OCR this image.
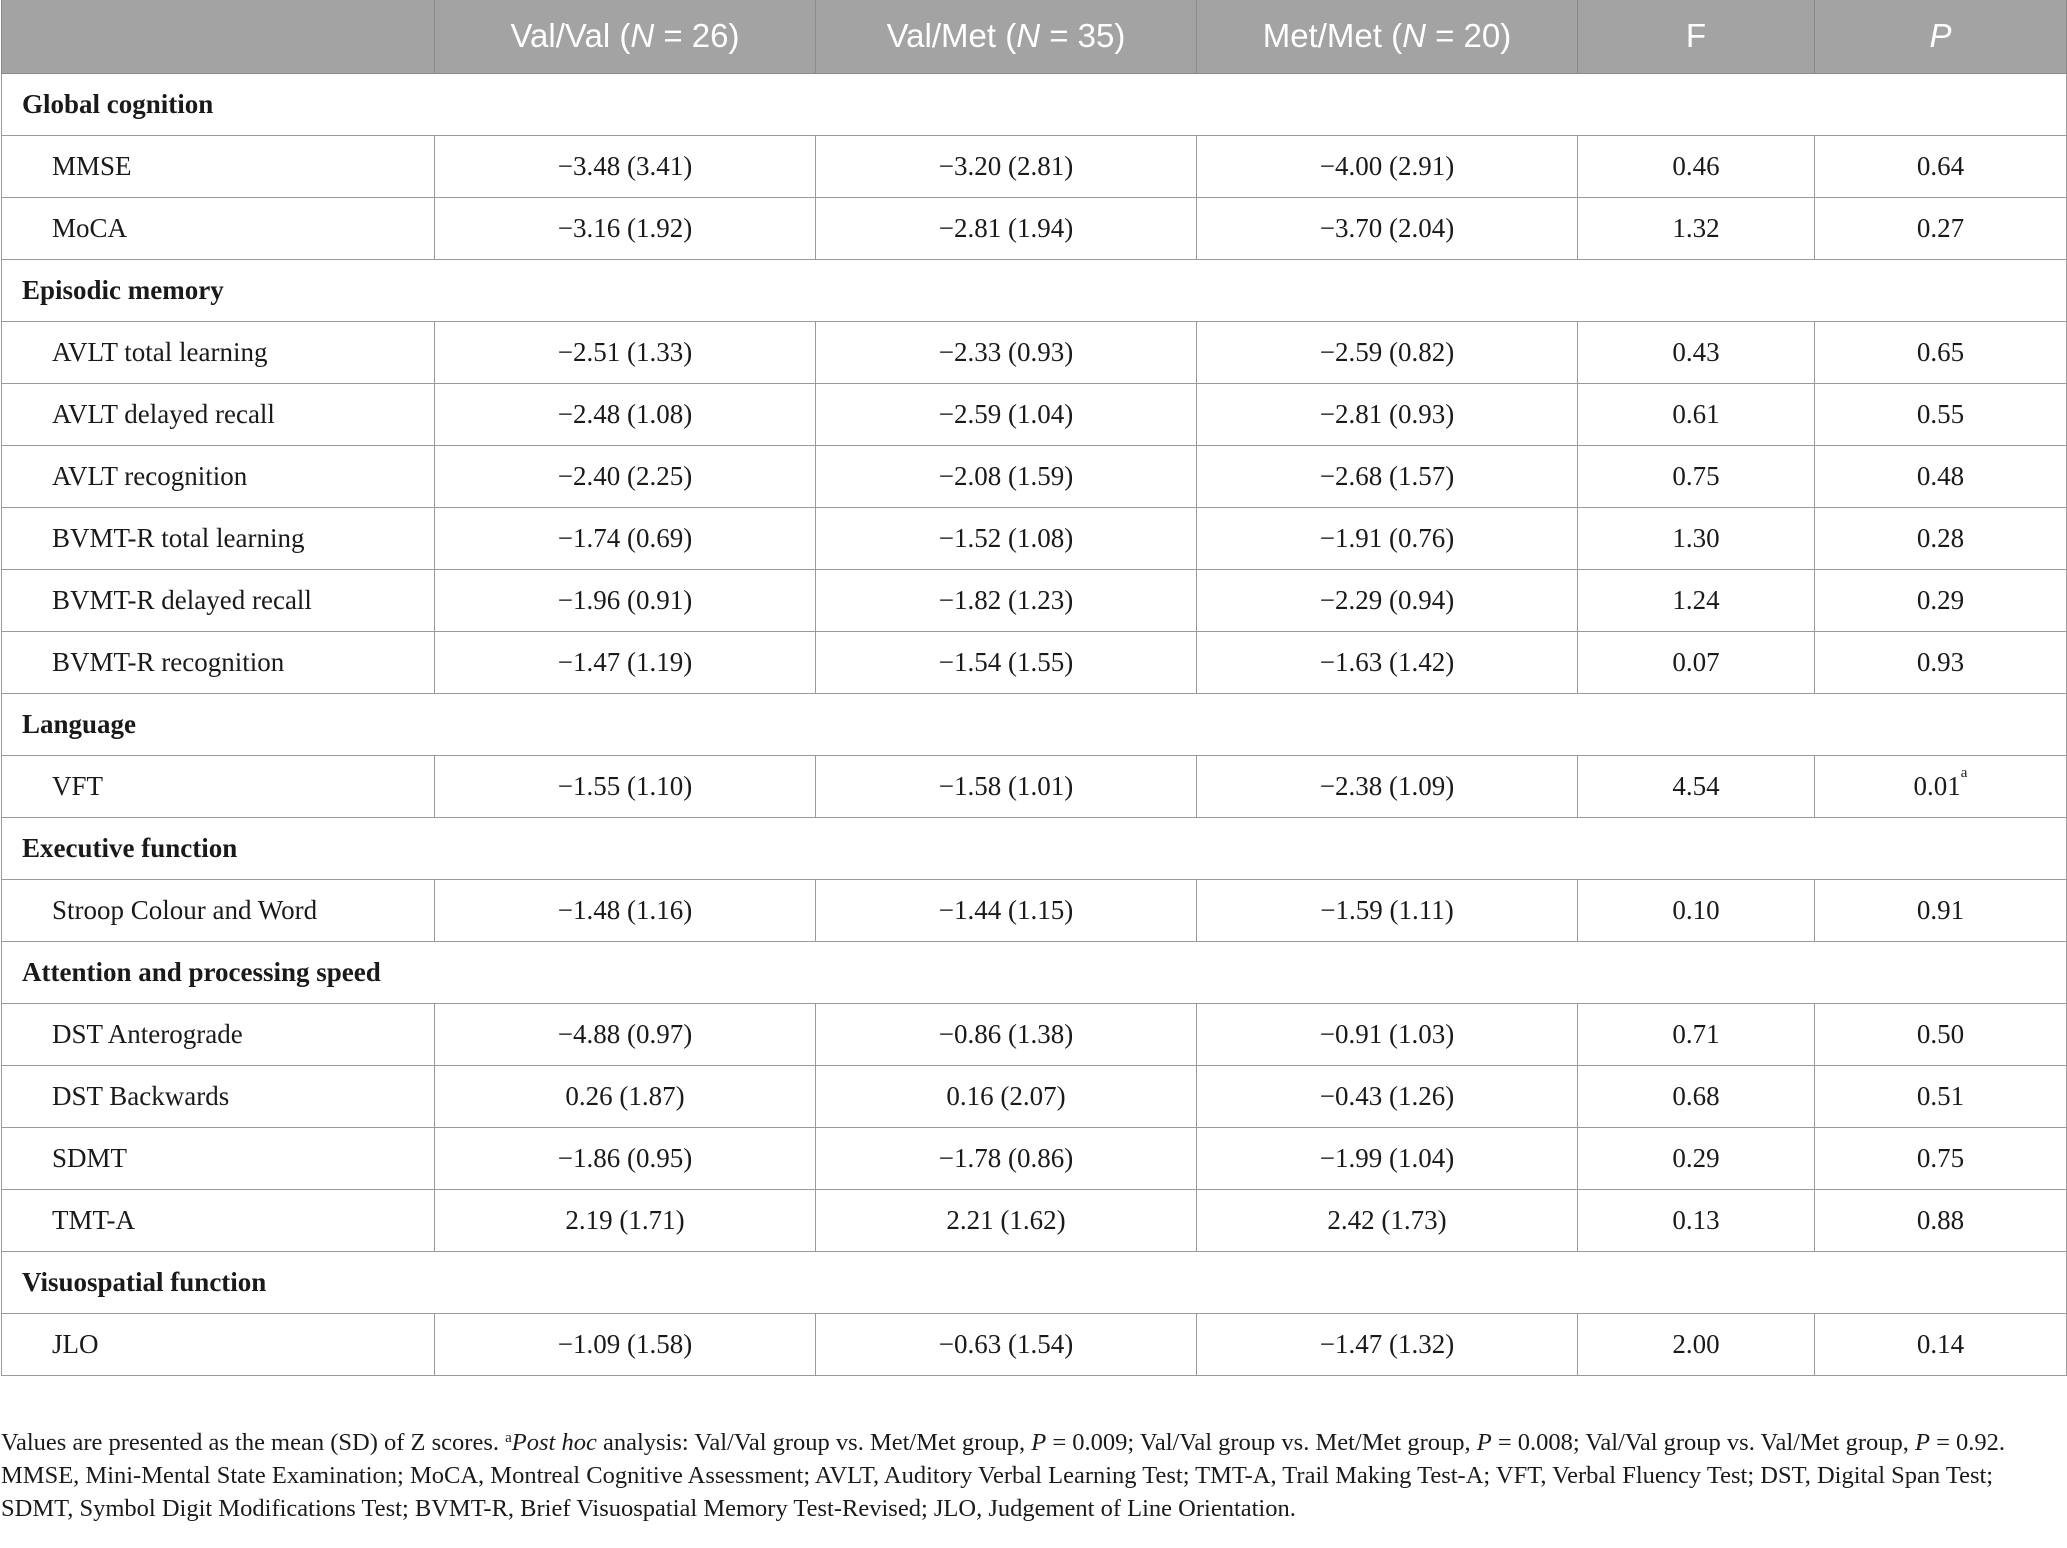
	Val/Val (N = 26)	Val/Met (N = 35)	Met/Met (N = 20)	F	P
Global cognition					
MMSE	−3.48 (3.41)	−3.20 (2.81)	−4.00 (2.91)	0.46	0.64
MoCA	−3.16 (1.92)	−2.81 (1.94)	−3.70 (2.04)	1.32	0.27
Episodic memory					
AVLT total learning	−2.51 (1.33)	−2.33 (0.93)	−2.59 (0.82)	0.43	0.65
AVLT delayed recall	−2.48 (1.08)	−2.59 (1.04)	−2.81 (0.93)	0.61	0.55
AVLT recognition	−2.40 (2.25)	−2.08 (1.59)	−2.68 (1.57)	0.75	0.48
BVMT-R total learning	−1.74 (0.69)	−1.52 (1.08)	−1.91 (0.76)	1.30	0.28
BVMT-R delayed recall	−1.96 (0.91)	−1.82 (1.23)	−2.29 (0.94)	1.24	0.29
BVMT-R recognition	−1.47 (1.19)	−1.54 (1.55)	−1.63 (1.42)	0.07	0.93
Language					
VFT	−1.55 (1.10)	−1.58 (1.01)	−2.38 (1.09)	4.54	0.01$^a$
Executive function					
Stroop Colour and Word	−1.48 (1.16)	−1.44 (1.15)	−1.59 (1.11)	0.10	0.91
Attention and processing speed					
DST Anterograde	−4.88 (0.97)	−0.86 (1.38)	−0.91 (1.03)	0.71	0.50
DST Backwards	0.26 (1.87)	0.16 (2.07)	−0.43 (1.26)	0.68	0.51
SDMT	−1.86 (0.95)	−1.78 (0.86)	−1.99 (1.04)	0.29	0.75
TMT-A	2.19 (1.71)	2.21 (1.62)	2.42 (1.73)	0.13	0.88
Visuospatial function					
JLO	−1.09 (1.58)	−0.63 (1.54)	−1.47 (1.32)	2.00	0.14

Values are presented as the mean (SD) of Z scores. $^a$Post hoc analysis: Val/Val group vs. Met/Met group, P = 0.009; Val/Val group vs. Met/Met group, P = 0.008; Val/Val group vs. Val/Met group, P = 0.92. MMSE, Mini-Mental State Examination; MoCA, Montreal Cognitive Assessment; AVLT, Auditory Verbal Learning Test; TMT-A, Trail Making Test-A; VFT, Verbal Fluency Test; DST, Digital Span Test; SDMT, Symbol Digit Modifications Test; BVMT-R, Brief Visuospatial Memory Test-Revised; JLO, Judgement of Line Orientation.
